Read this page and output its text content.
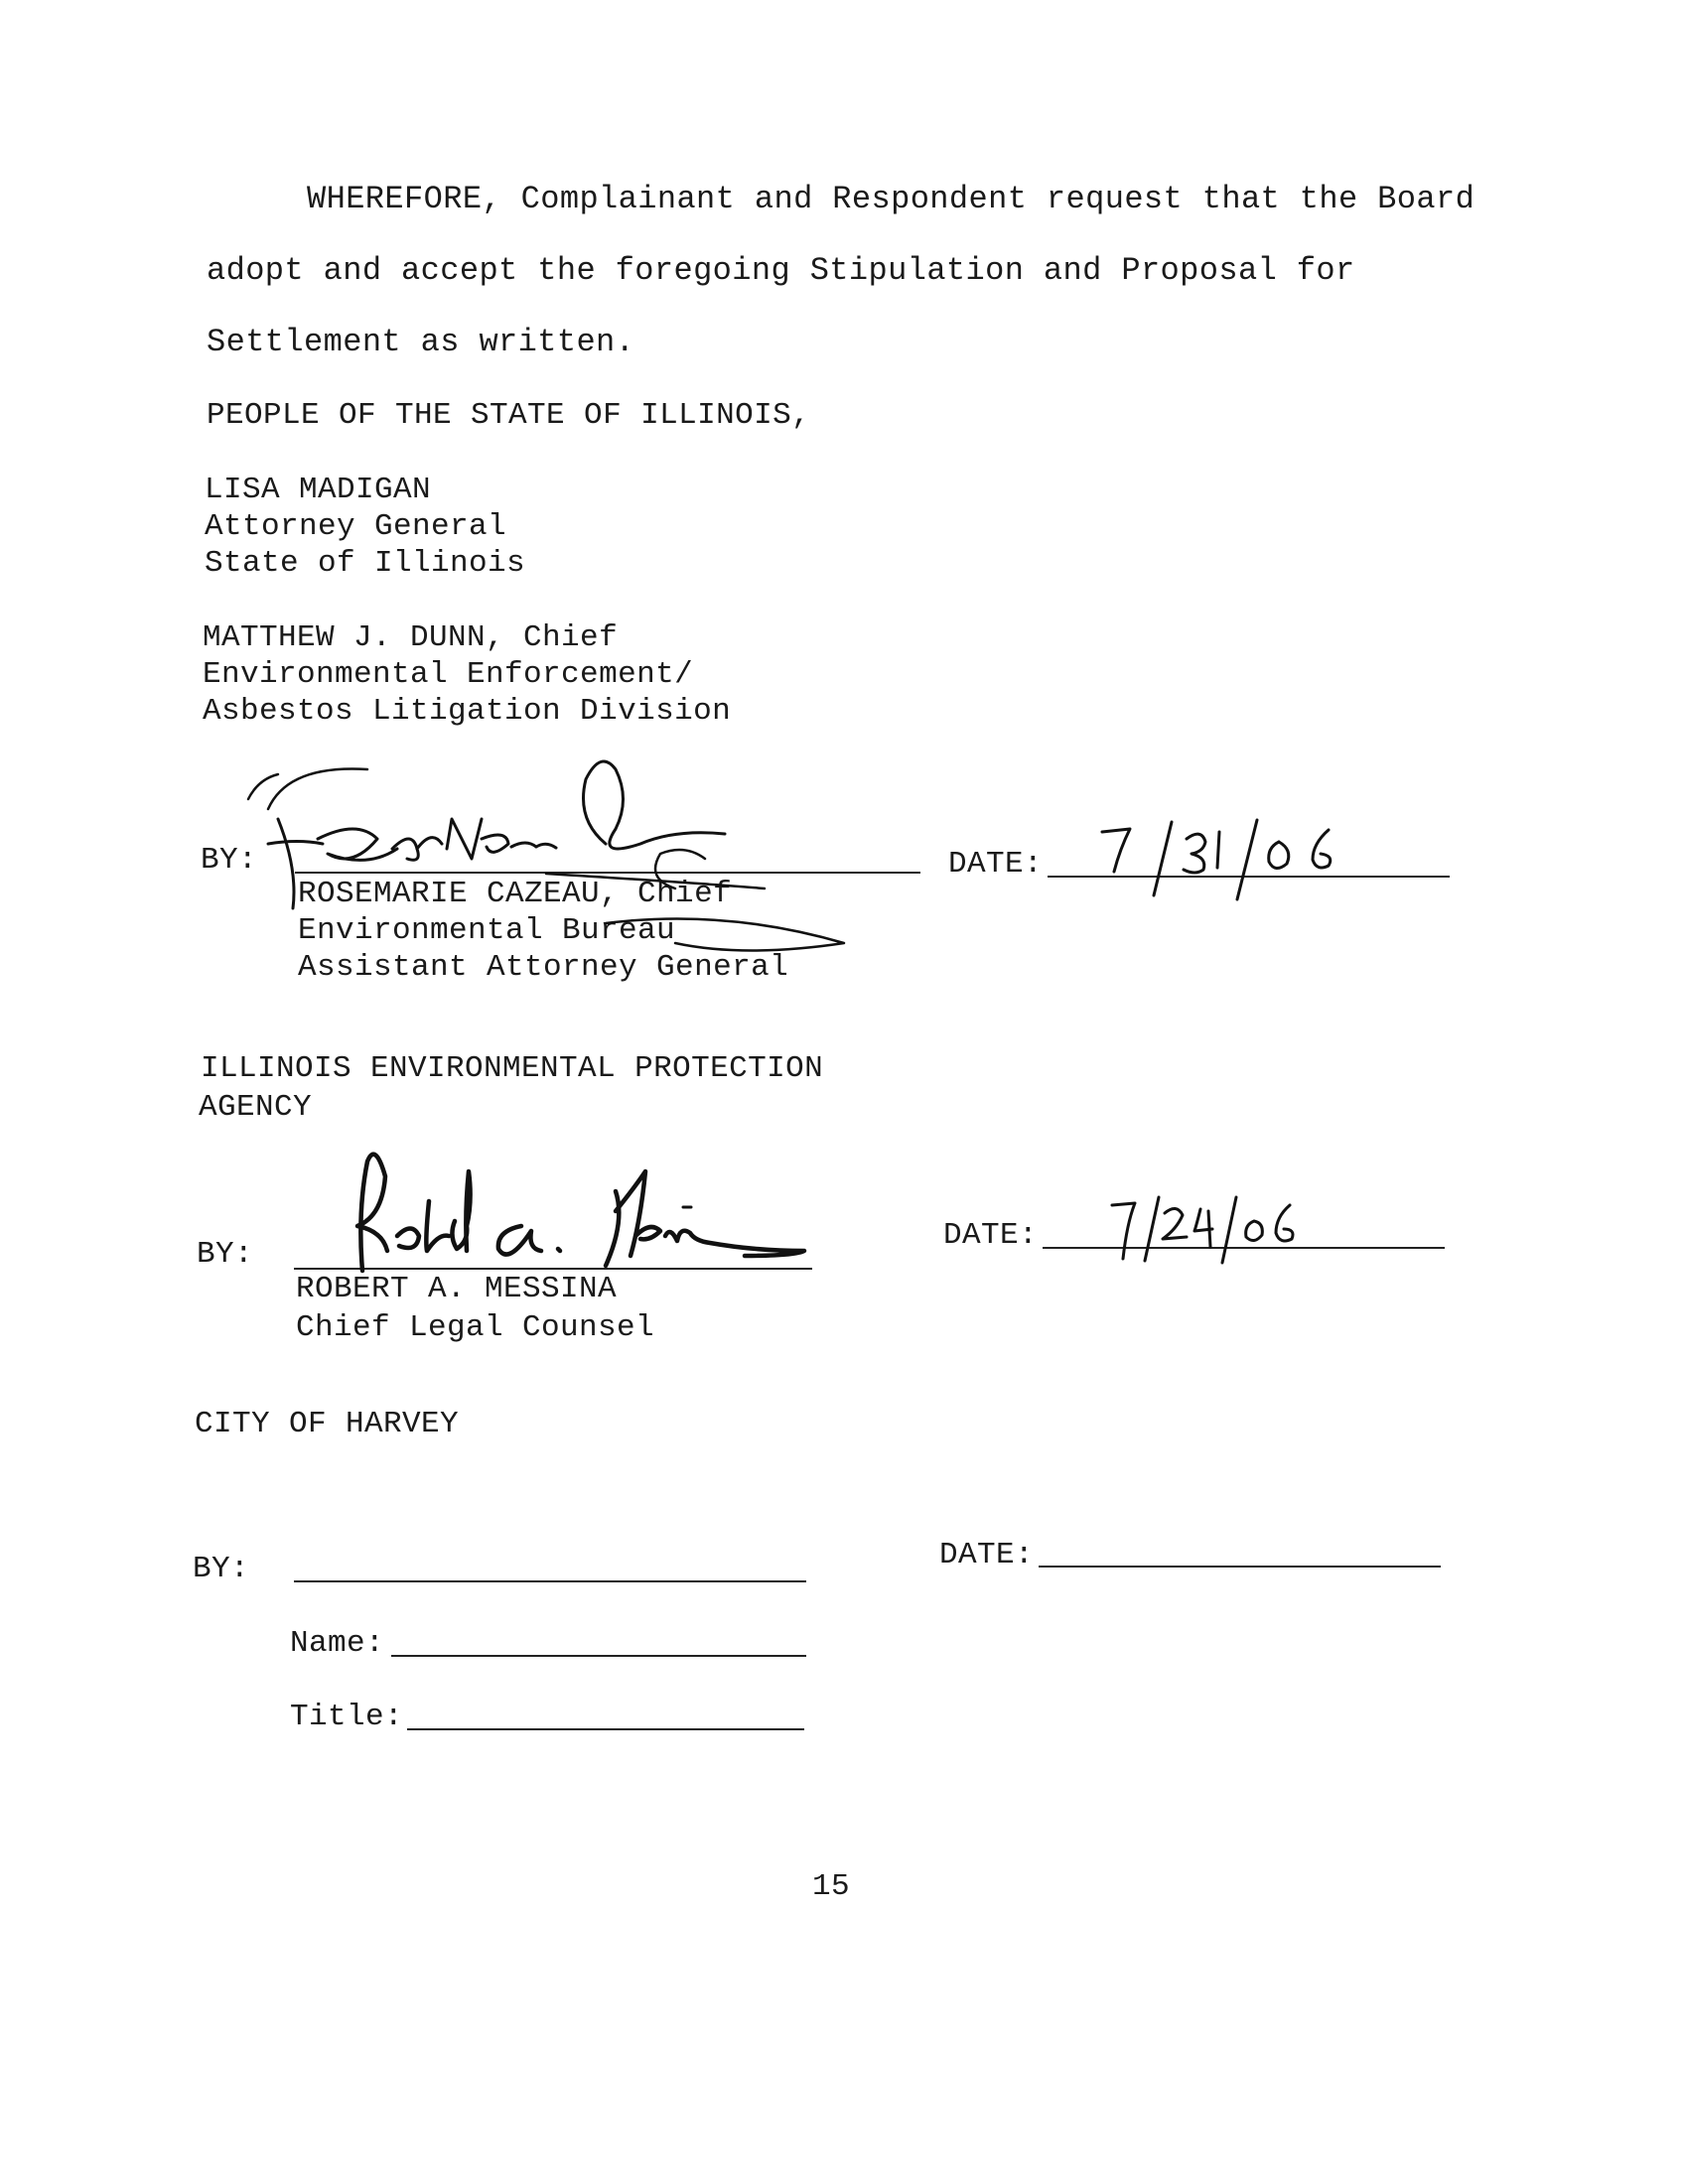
WHEREFORE, Complainant and Respondent request that the Board
adopt and accept the foregoing Stipulation and Proposal for
Settlement as written.
PEOPLE OF THE STATE OF ILLINOIS,
LISA MADIGAN
Attorney General
State of Illinois
MATTHEW J. DUNN, Chief
Environmental Enforcement/
Asbestos Litigation Division
BY:
ROSEMARIE CAZEAU, Chief
Environmental Bureau
Assistant Attorney General
DATE:
ILLINOIS ENVIRONMENTAL PROTECTION
AGENCY
BY:
ROBERT A. MESSINA
Chief Legal Counsel
DATE:
CITY OF HARVEY
BY:	DATE:
Name:
Title:
15
